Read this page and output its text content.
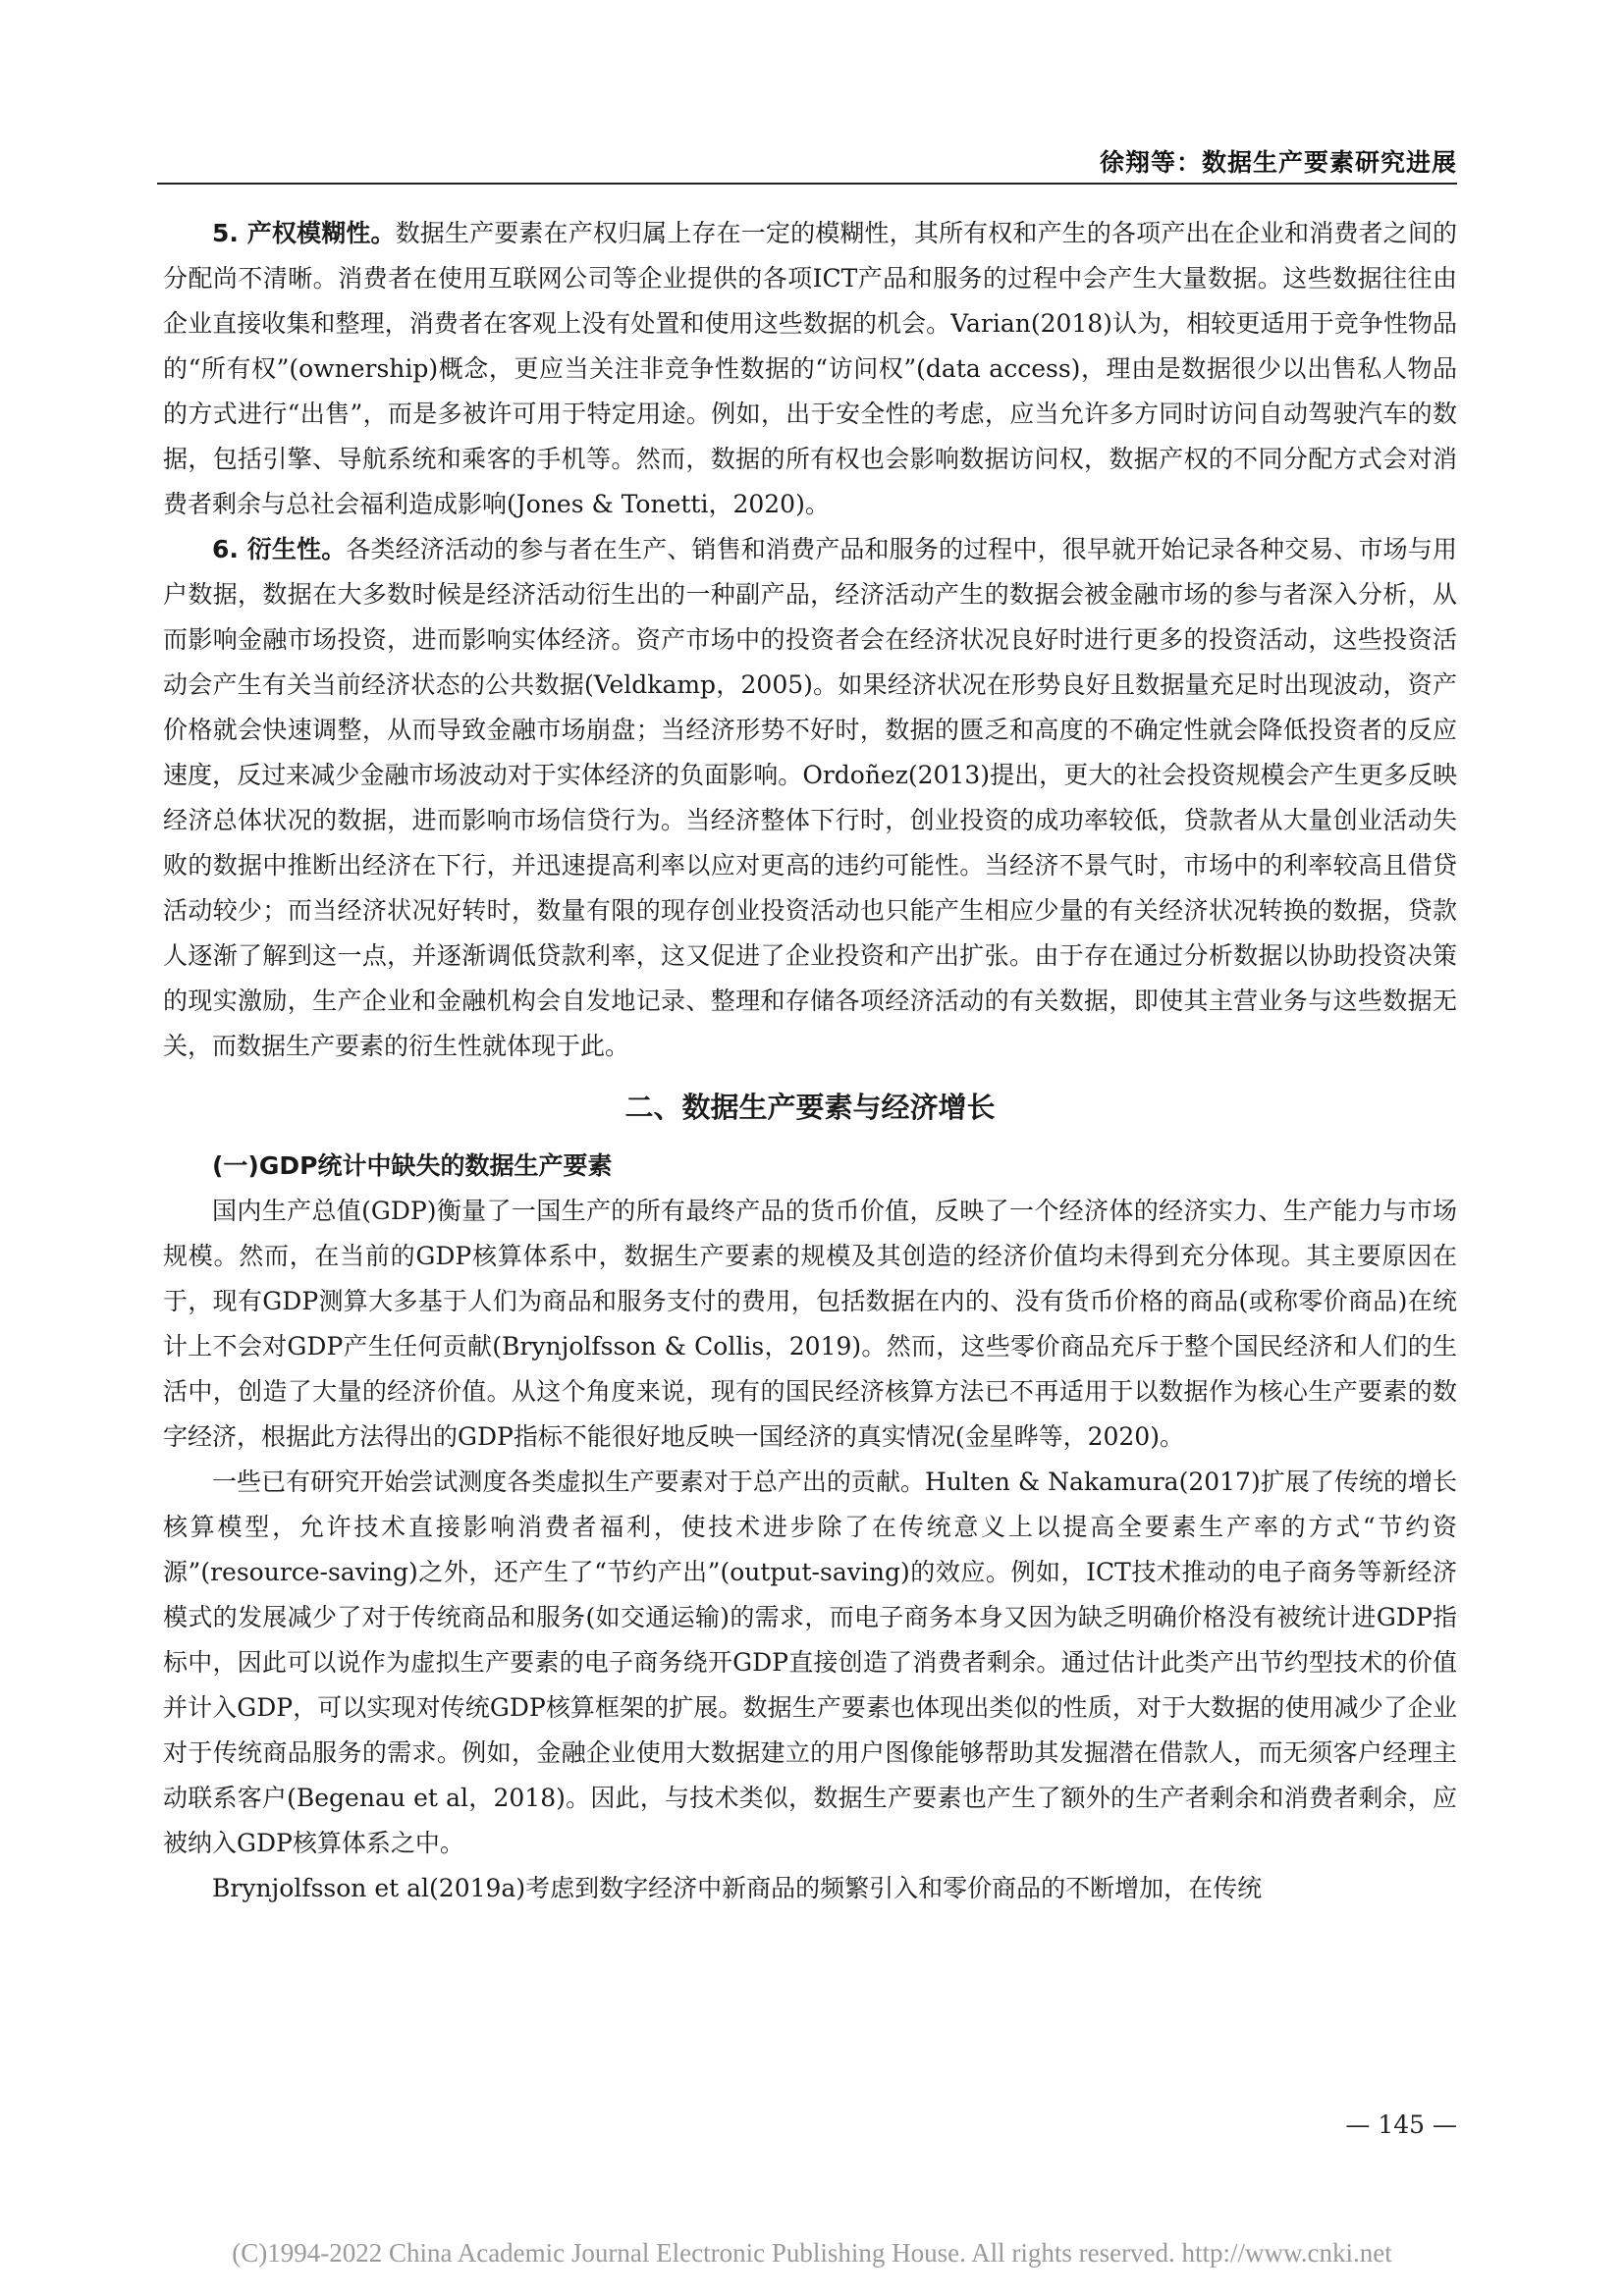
徐翔等：数据生产要素研究进展

5. 产权模糊性。数据生产要素在产权归属上存在一定的模糊性，其所有权和产生的各项产出在企业和消费者之间的分配尚不清晰。消费者在使用互联网公司等企业提供的各项ICT产品和服务的过程中会产生大量数据。这些数据往往由企业直接收集和整理，消费者在客观上没有处置和使用这些数据的机会。Varian(2018)认为，相较更适用于竞争性物品的“所有权”(ownership)概念，更应当关注非竞争性数据的“访问权”(data access)，理由是数据很少以出售私人物品的方式进行“出售”，而是多被许可用于特定用途。例如，出于安全性的考虑，应当允许多方同时访问自动驾驶汽车的数据，包括引擎、导航系统和乘客的手机等。然而，数据的所有权也会影响数据访问权，数据产权的不同分配方式会对消费者剩余与总社会福利造成影响(Jones & Tonetti，2020)。

6. 衍生性。各类经济活动的参与者在生产、销售和消费产品和服务的过程中，很早就开始记录各种交易、市场与用户数据，数据在大多数时候是经济活动衍生出的一种副产品，经济活动产生的数据会被金融市场的参与者深入分析，从而影响金融市场投资，进而影响实体经济。资产市场中的投资者会在经济状况良好时进行更多的投资活动，这些投资活动会产生有关当前经济状态的公共数据(Veldkamp，2005)。如果经济状况在形势良好且数据量充足时出现波动，资产价格就会快速调整，从而导致金融市场崩盘；当经济形势不好时，数据的匮乏和高度的不确定性就会降低投资者的反应速度，反过来减少金融市场波动对于实体经济的负面影响。Ordoñez(2013)提出，更大的社会投资规模会产生更多反映经济总体状况的数据，进而影响市场信贷行为。当经济整体下行时，创业投资的成功率较低，贷款者从大量创业活动失败的数据中推断出经济在下行，并迅速提高利率以应对更高的违约可能性。当经济不景气时，市场中的利率较高且借贷活动较少；而当经济状况好转时，数量有限的现存创业投资活动也只能产生相应少量的有关经济状况转换的数据，贷款人逐渐了解到这一点，并逐渐调低贷款利率，这又促进了企业投资和产出扩张。由于存在通过分析数据以协助投资决策的现实激励，生产企业和金融机构会自发地记录、整理和存储各项经济活动的有关数据，即使其主营业务与这些数据无关，而数据生产要素的衍生性就体现于此。

二、数据生产要素与经济增长
(一)GDP统计中缺失的数据生产要素

国内生产总值(GDP)衡量了一国生产的所有最终产品的货币价值，反映了一个经济体的经济实力、生产能力与市场规模。然而，在当前的GDP核算体系中，数据生产要素的规模及其创造的经济价值均未得到充分体现。其主要原因在于，现有GDP测算大多基于人们为商品和服务支付的费用，包括数据在内的、没有货币价格的商品(或称零价商品)在统计上不会对GDP产生任何贡献(Brynjolfsson & Collis，2019)。然而，这些零价商品充斥于整个国民经济和人们的生活中，创造了大量的经济价值。从这个角度来说，现有的国民经济核算方法已不再适用于以数据作为核心生产要素的数字经济，根据此方法得出的GDP指标不能很好地反映一国经济的真实情况(金星晔等，2020)。

一些已有研究开始尝试测度各类虚拟生产要素对于总产出的贡献。Hulten & Nakamura(2017)扩展了传统的增长核算模型，允许技术直接影响消费者福利，使技术进步除了在传统意义上以提高全要素生产率的方式“节约资源”(resource-saving)之外，还产生了“节约产出”(output-saving)的效应。例如，ICT技术推动的电子商务等新经济模式的发展减少了对于传统商品和服务(如交通运输)的需求，而电子商务本身又因为缺乏明确价格没有被统计进GDP指标中，因此可以说作为虚拟生产要素的电子商务绕开GDP直接创造了消费者剩余。通过估计此类产出节约型技术的价值并计入GDP，可以实现对传统GDP核算框架的扩展。数据生产要素也体现出类似的性质，对于大数据的使用减少了企业对于传统商品服务的需求。例如，金融企业使用大数据建立的用户图像能够帮助其发掘潜在借款人，而无须客户经理主动联系客户(Begenau et al，2018)。因此，与技术类似，数据生产要素也产生了额外的生产者剩余和消费者剩余，应被纳入GDP核算体系之中。

Brynjolfsson et al(2019a)考虑到数字经济中新商品的频繁引入和零价商品的不断增加，在传统

— 145 —
(C)1994-2022 China Academic Journal Electronic Publishing House. All rights reserved. http://www.cnki.net
